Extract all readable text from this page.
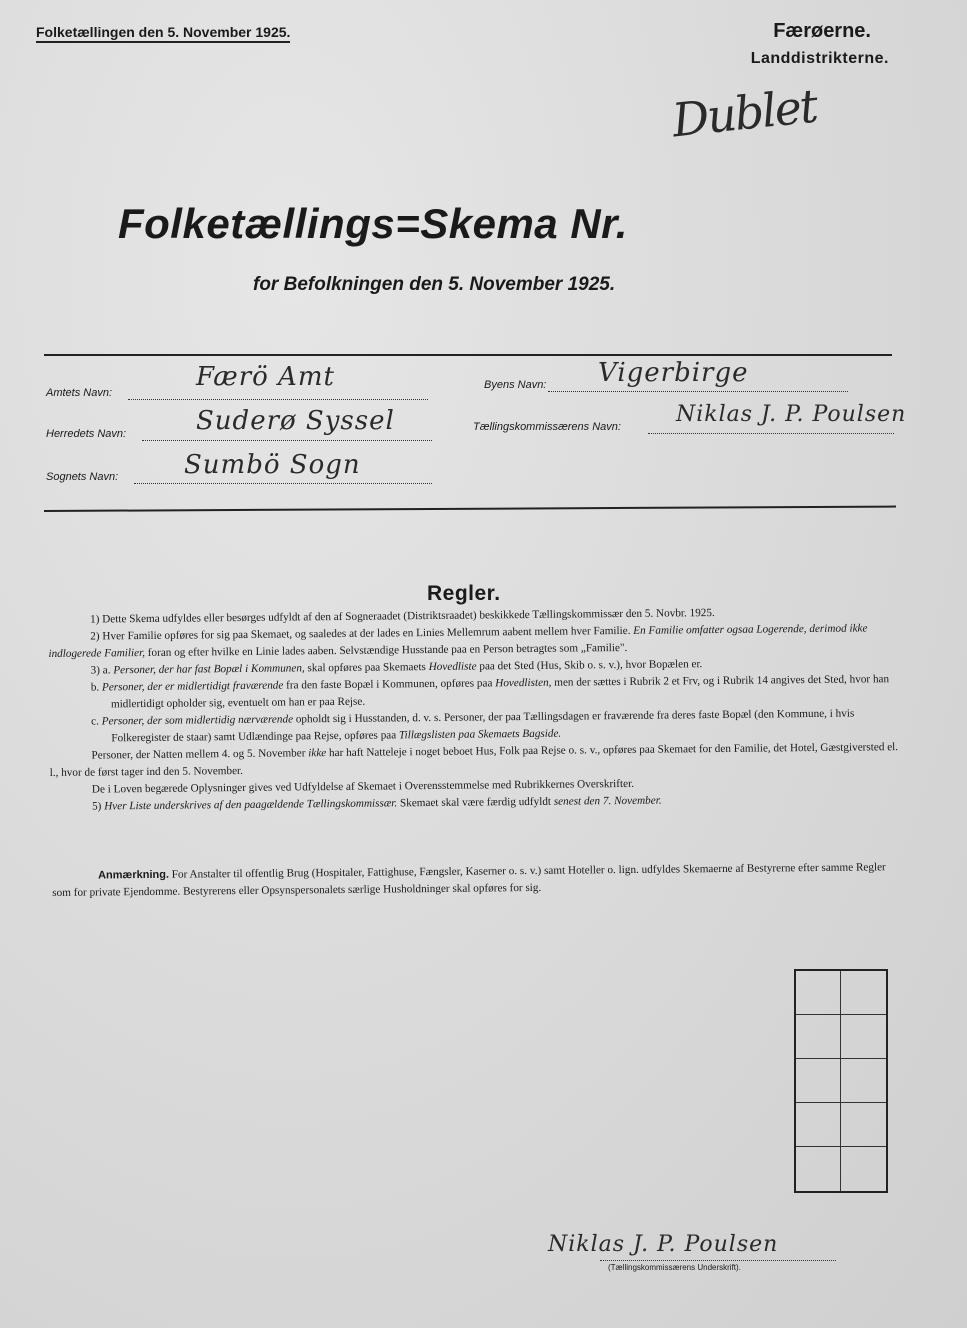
Folketællingen den 5. November 1925.	Færøerne.
Landdistrikterne.
Dublet
Folketællings=Skema Nr.
for Befolkningen den 5. November 1925.
Amtets Navn:
Færö Amt
Herredets Navn:	Suderø Syssel
Sognets Navn:	Sumbö Sogn
Byens Navn: Vigerbirge
Tællingskommissærens Navn:	Niklas J. P. Poulsen
Regler.

1) Dette Skema udfyldes eller besørges udfyldt af den af Sogneraadet (Distriktsraadet) beskikkede Tællingskommissær den 5. Novbr. 1925.

2) Hver Familie opføres for sig paa Skemaet, og saaledes at der lades en Linies Mellemrum aabent mellem hver Familie. En Familie omfatter ogsaa Logerende, derimod ikke indlogerede Familier, foran og efter hvilke en Linie lades aaben. Selvstændige Husstande paa en Person betragtes som „Familie".

3) a. Personer, der har fast Bopæl i Kommunen, skal opføres paa Skemaets Hovedliste paa det Sted (Hus, Skib o. s. v.), hvor Bopælen er.

b. Personer, der er midlertidigt fraværende fra den faste Bopæl i Kommunen, opføres paa Hovedlisten, men der sættes i Rubrik 2 et Frv, og i Rubrik 14 angives det Sted, hvor han midlertidigt opholder sig, eventuelt om han er paa Rejse.

c. Personer, der som midlertidig nærværende opholdt sig i Husstanden, d. v. s. Personer, der paa Tællingsdagen er fraværende fra deres faste Bopæl (den Kommune, i hvis Folkeregister de staar) samt Udlændinge paa Rejse, opføres paa Tillægslisten paa Skemaets Bagside.

Personer, der Natten mellem 4. og 5. November ikke har haft Natteleje i noget beboet Hus, Folk paa Rejse o. s. v., opføres paa Skemaet for den Familie, det Hotel, Gæstgiversted el. l., hvor de først tager ind den 5. November.

De i Loven begærede Oplysninger gives ved Udfyldelse af Skemaet i Overensstemmelse med Rubrikkernes Overskrifter.

5) Hver Liste underskrives af den paagældende Tællingskommissær. Skemaet skal være færdig udfyldt senest den 7. November.

Anmærkning. For Anstalter til offentlig Brug (Hospitaler, Fattighuse, Fængsler, Kaserner o. s. v.) samt Hoteller o. lign. udfyldes Skemaerne af Bestyrerne efter samme Regler som for private Ejendomme. Bestyrerens eller Opsynspersonalets særlige Husholdninger skal opføres for sig.

Niklas J. P. Poulsen
(Tællingskommissærens Underskrift).
